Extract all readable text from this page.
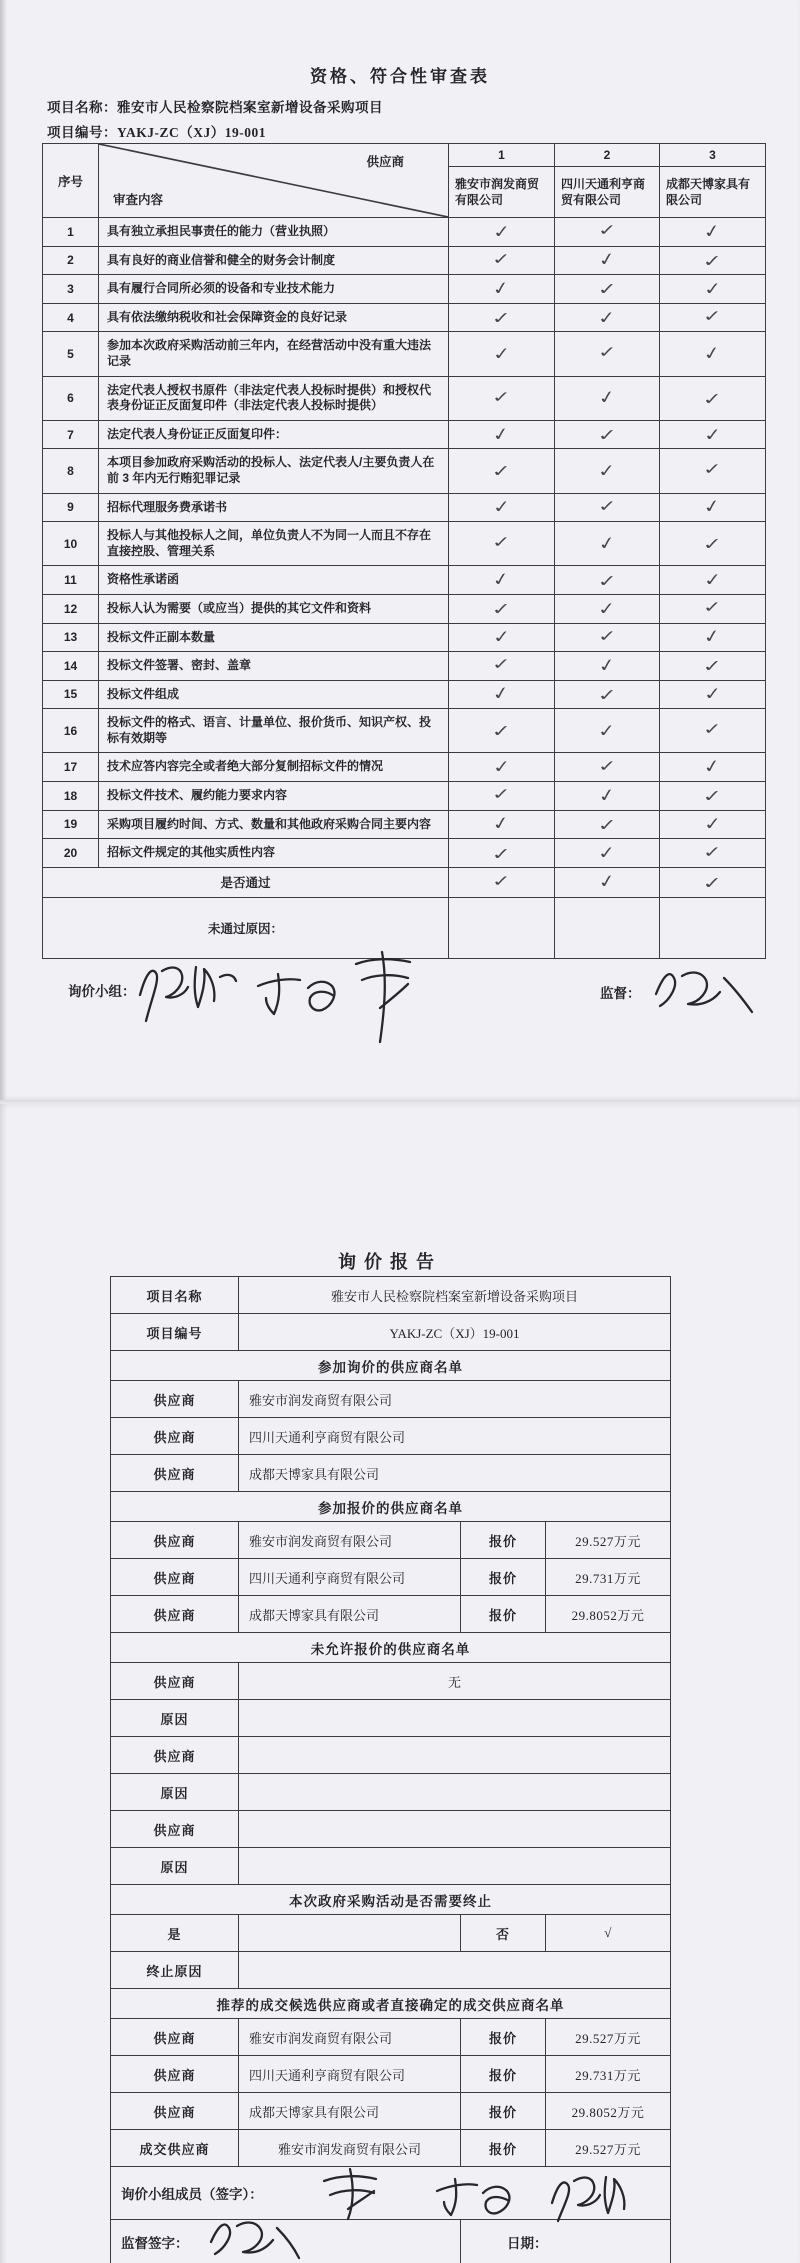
资格、符合性审查表
项目名称：雅安市人民检察院档案室新增设备采购项目
项目编号：YAKJ-ZC（XJ）19-001
序号	供应商
审查内容	1	2	3
		雅安市润发商贸有限公司	四川天通利亨商贸有限公司	成都天博家具有限公司
1	具有独立承担民事责任的能力（营业执照）	✓	✓	✓
2	具有良好的商业信誉和健全的财务会计制度	✓	✓	✓
3	具有履行合同所必须的设备和专业技术能力	✓	✓	✓
4	具有依法缴纳税收和社会保障资金的良好记录	✓	✓	✓
5	参加本次政府采购活动前三年内，在经营活动中没有重大违法记录	✓	✓	✓
6	法定代表人授权书原件（非法定代表人投标时提供）和授权代表身份证正反面复印件（非法定代表人投标时提供）	✓	✓	✓
7	法定代表人身份证正反面复印件：	✓	✓	✓
8	本项目参加政府采购活动的投标人、法定代表人/主要负责人在前 3 年内无行贿犯罪记录	✓	✓	✓
9	招标代理服务费承诺书	✓	✓	✓
10	投标人与其他投标人之间，单位负责人不为同一人而且不存在直接控股、管理关系	✓	✓	✓
11	资格性承诺函	✓	✓	✓
12	投标人认为需要（或应当）提供的其它文件和资料	✓	✓	✓
13	投标文件正副本数量	✓	✓	✓
14	投标文件签署、密封、盖章	✓	✓	✓
15	投标文件组成	✓	✓	✓
16	投标文件的格式、语言、计量单位、报价货币、知识产权、投标有效期等	✓	✓	✓
17	技术应答内容完全或者绝大部分复制招标文件的情况	✓	✓	✓
18	投标文件技术、履约能力要求内容	✓	✓	✓
19	采购项目履约时间、方式、数量和其他政府采购合同主要内容	✓	✓	✓
20	招标文件规定的其他实质性内容	✓	✓	✓
是否通过		✓	✓	✓
未通过原因：				
询价小组：	监督：
询价报告
项目名称	雅安市人民检察院档案室新增设备采购项目		
项目编号	YAKJ-ZC（XJ）19-001		
参加询价的供应商名单			
供应商	雅安市润发商贸有限公司		
供应商	四川天通利亨商贸有限公司		
供应商	成都天博家具有限公司		
参加报价的供应商名单			
供应商	雅安市润发商贸有限公司	报价	29.527万元
供应商	四川天通利亨商贸有限公司	报价	29.731万元
供应商	成都天博家具有限公司	报价	29.8052万元
未允许报价的供应商名单			
供应商	无		
原因			
供应商			
原因			
供应商			
原因			
本次政府采购活动是否需要终止			
是		否	√
终止原因			
推荐的成交候选供应商或者直接确定的成交供应商名单			
供应商	雅安市润发商贸有限公司	报价	29.527万元
供应商	四川天通利亨商贸有限公司	报价	29.731万元
供应商	成都天博家具有限公司	报价	29.8052万元
成交供应商	雅安市润发商贸有限公司	报价	29.527万元
询价小组成员（签字）：			

监督签字：		日期：	
